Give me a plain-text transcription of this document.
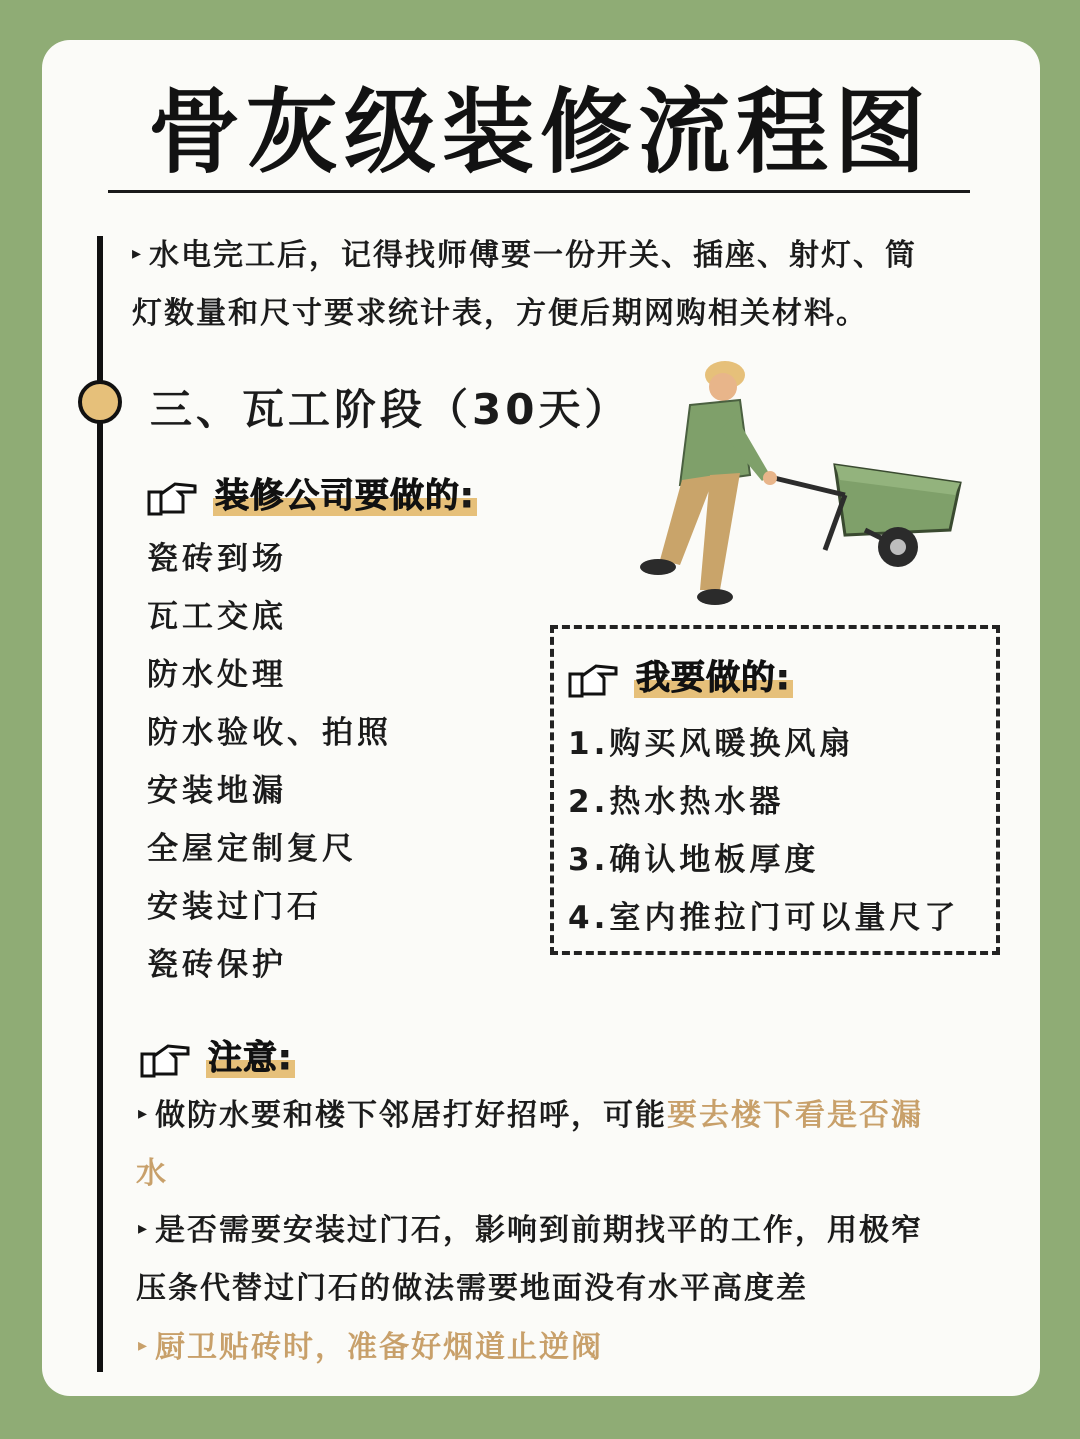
骨灰级装修流程图
▸ 水电完工后，记得找师傅要一份开关、插座、射灯、筒
灯数量和尺寸要求统计表，方便后期网购相关材料。
三、瓦工阶段（30天）
装修公司要做的:
瓷砖到场
瓦工交底
防水处理
防水验收、拍照
安装地漏
全屋定制复尺
安装过门石
瓷砖保护
我要做的:
1.购买风暖换风扇
2.热水热水器
3.确认地板厚度
4.室内推拉门可以量尺了
注意:
▸ 做防水要和楼下邻居打好招呼，可能要去楼下看是否漏
水
▸ 是否需要安装过门石，影响到前期找平的工作，用极窄
压条代替过门石的做法需要地面没有水平高度差
▸ 厨卫贴砖时，准备好烟道止逆阀
